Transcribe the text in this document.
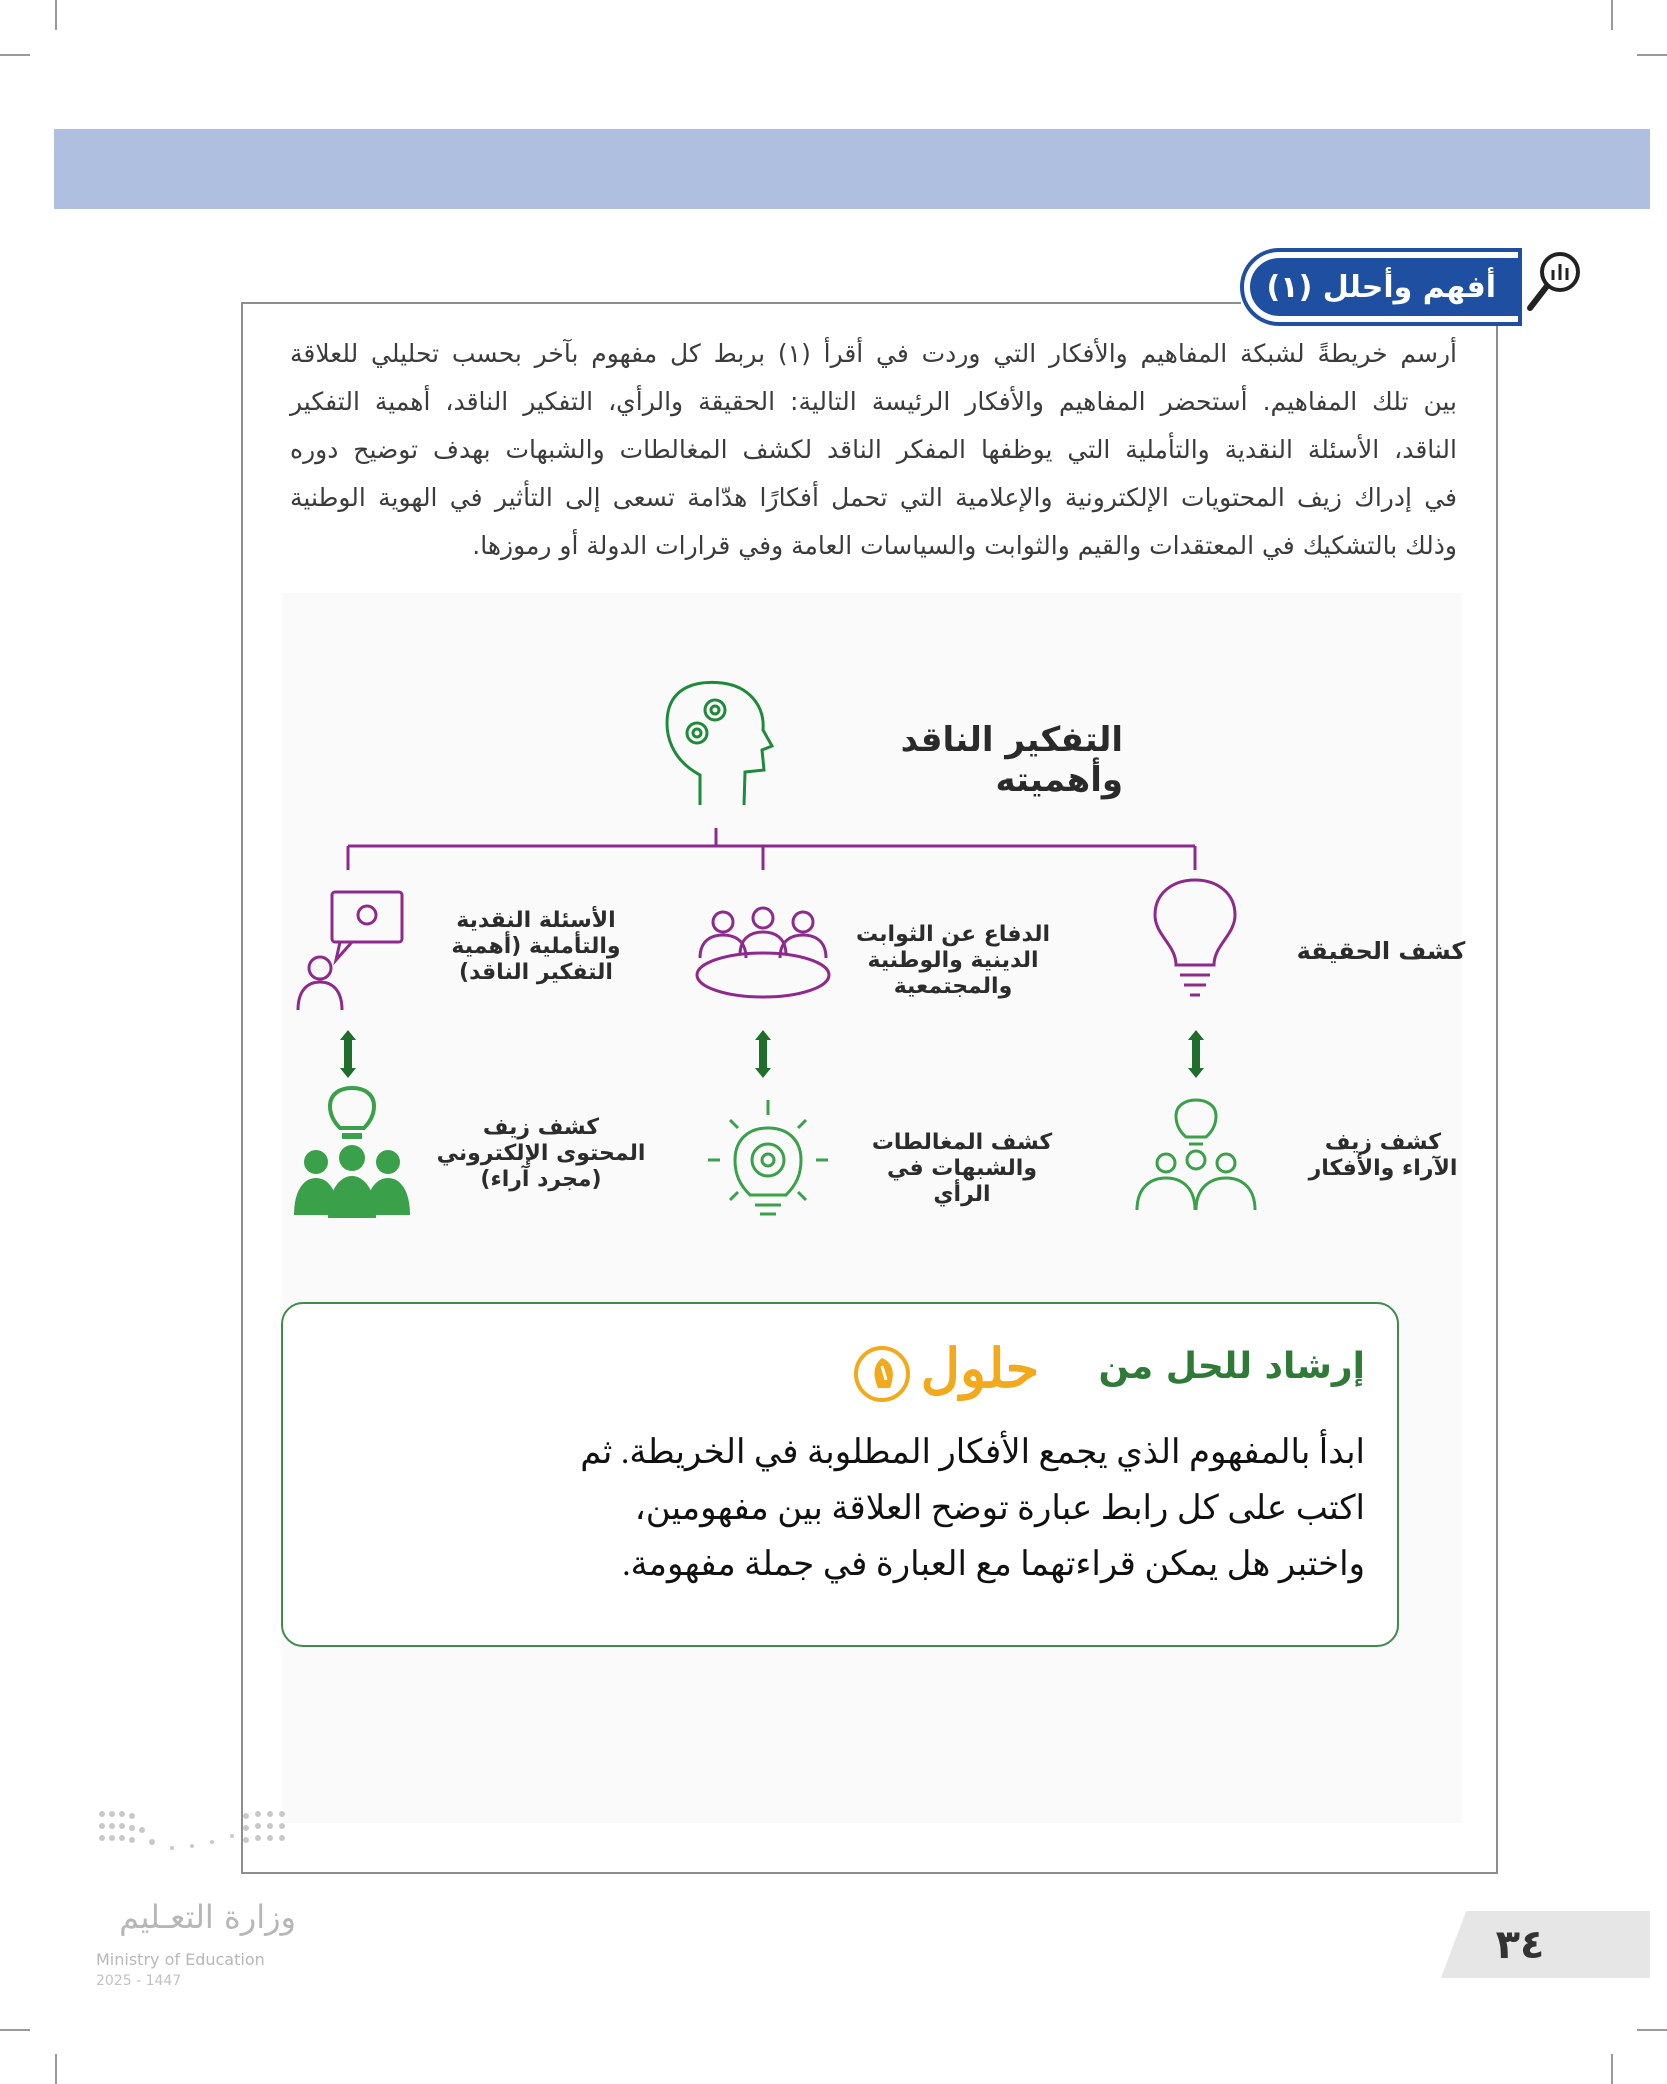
أفهم وأحلل (١)
أرسم خريطةً لشبكة المفاهيم والأفكار التي وردت في أقرأ (١) بربط كل مفهوم بآخر بحسب تحليلي للعلاقة
بين تلك المفاهيم. أستحضر المفاهيم والأفكار الرئيسة التالية: الحقيقة والرأي، التفكير الناقد، أهمية التفكير
الناقد، الأسئلة النقدية والتأملية التي يوظفها المفكر الناقد لكشف المغالطات والشبهات بهدف توضيح دوره
في إدراك زيف المحتويات الإلكترونية والإعلامية التي تحمل أفكارًا هدّامة تسعى إلى التأثير في الهوية الوطنية
وذلك بالتشكيك في المعتقدات والقيم والثوابت والسياسات العامة وفي قرارات الدولة أو رموزها.
التفكير الناقد وأهميته
كشف الحقيقة
الدفاع عن الثوابت الدينية والوطنية والمجتمعية
الأسئلة النقدية والتأملية (أهمية التفكير الناقد)
كشف زيف الآراء والأفكار
كشف المغالطات والشبهات في الرأي
كشف زيف المحتوى الإلكتروني (مجرد آراء)
إرشاد للحل من
حلول
ابدأ بالمفهوم الذي يجمع الأفكار المطلوبة في الخريطة. ثم
اكتب على كل رابط عبارة توضح العلاقة بين مفهومين،
واختبر هل يمكن قراءتهما مع العبارة في جملة مفهومة.
وزارة التعـليم
Ministry of Education
2025 - 1447
٣٤
